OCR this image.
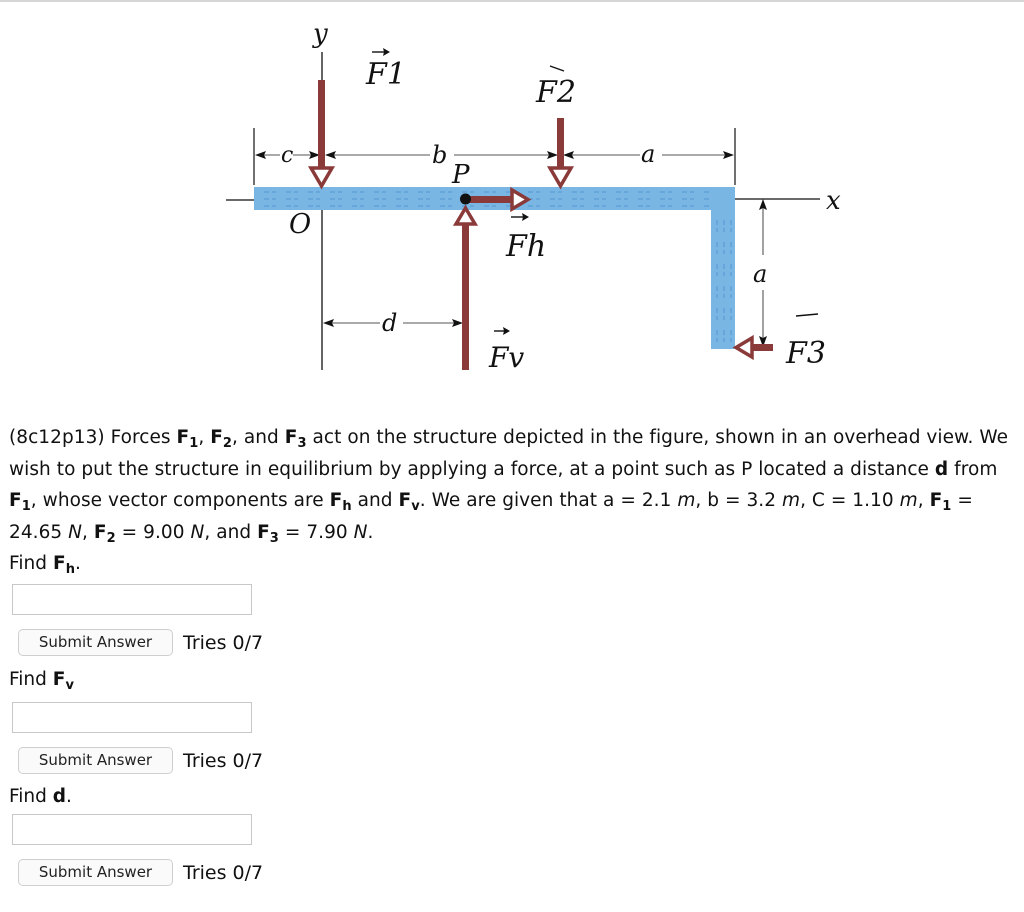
x
y
O
c	b	a
a
d
F1
F2
Fh
Fv	F3
P
(8c12p13) Forces $F_1$, $F_2$, and $F_3$ act on the structure depicted in the figure, shown in an overhead view. We wish to put the structure in equilibrium by applying a force, at a point such as P located a distance d from $F_1$, whose vector components are $F_h$ and $F_v$. We are given that a = 2.1 m, b = 3.2 m, C = 1.10 m, $F_1 = 24.65$ N, $F_2 = 9.00$ N, and $F_3 = 7.90$ N.
Find $F_h$.
Submit Answer	Tries 0/7
Find $F_v$
Submit Answer	Tries 0/7
Find d.
Submit Answer	Tries 0/7
